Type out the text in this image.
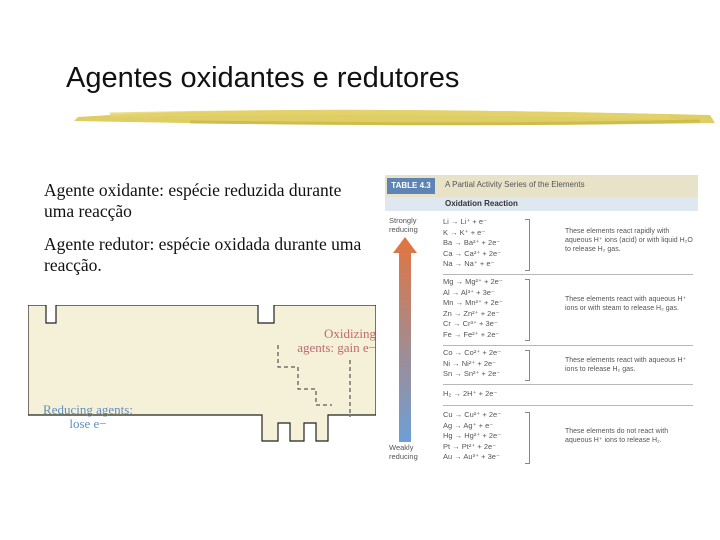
Agentes oxidantes e redutores

Agente oxidante: espécie reduzida durante uma reacção

Agente redutor: espécie oxidada durante uma reacção.

Oxidizing agents: gain e−
Reducing agents: lose e−
TABLE 4.3	A Partial Activity Series of the Elements
Oxidation Reaction
Strongly reducing
Weakly reducing
Li → Li⁺ + e⁻
K → K⁺ + e⁻
Ba → Ba²⁺ + 2e⁻
Ca → Ca²⁺ + 2e⁻
Na → Na⁺ + e⁻
These elements react rapidly with aqueous H⁺ ions (acid) or with liquid H₂O to release H₂ gas.
Mg → Mg²⁺ + 2e⁻
Al → Al³⁺ + 3e⁻
Mn → Mn²⁺ + 2e⁻
Zn → Zn²⁺ + 2e⁻
Cr → Cr³⁺ + 3e⁻
Fe → Fe²⁺ + 2e⁻
These elements react with aqueous H⁺ ions or with steam to release H₂ gas.
Co → Co²⁺ + 2e⁻
Ni → Ni²⁺ + 2e⁻
Sn → Sn²⁺ + 2e⁻
These elements react with aqueous H⁺ ions to release H₂ gas.
H₂ → 2H⁺ + 2e⁻
Cu → Cu²⁺ + 2e⁻
Ag → Ag⁺ + e⁻
Hg → Hg²⁺ + 2e⁻
Pt → Pt²⁺ + 2e⁻
Au → Au³⁺ + 3e⁻
These elements do not react with aqueous H⁺ ions to release H₂.
